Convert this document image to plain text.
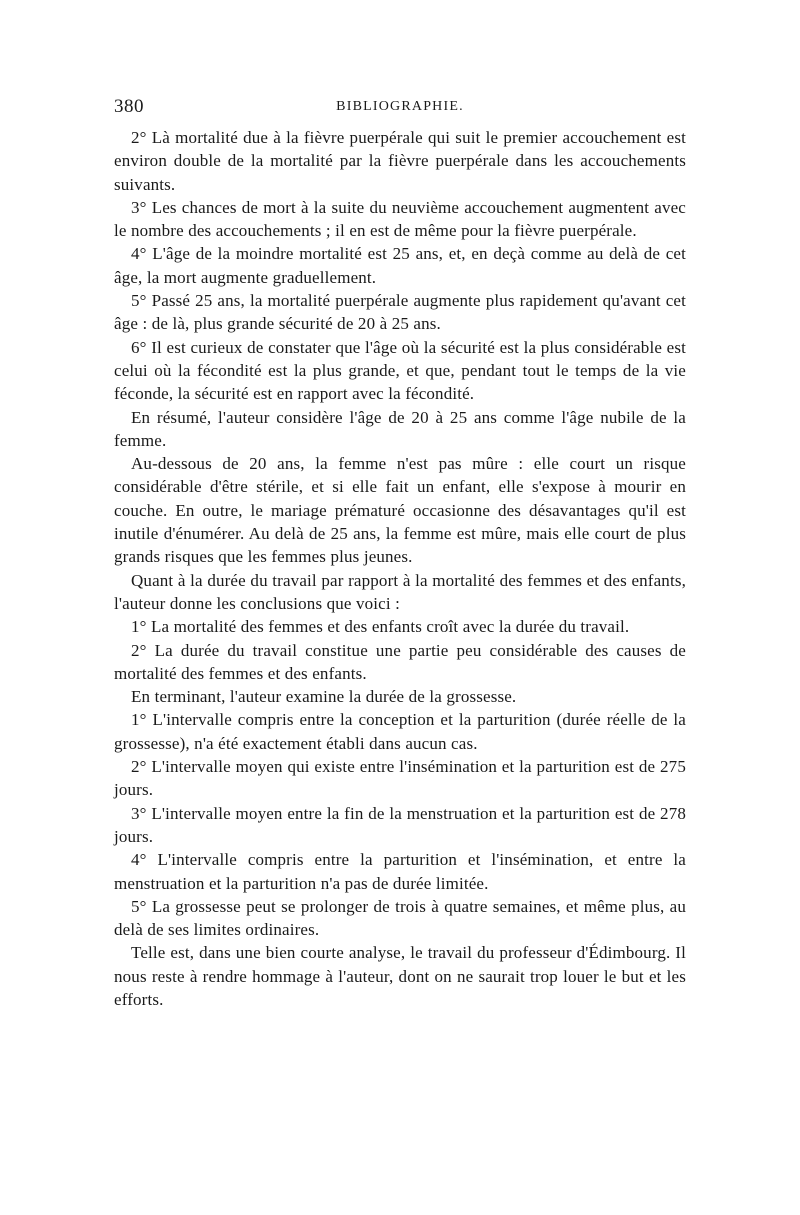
380	BIBLIOGRAPHIE.

2° Là mortalité due à la fièvre puerpérale qui suit le premier accouchement est environ double de la mortalité par la fièvre puerpérale dans les accouchements suivants.

3° Les chances de mort à la suite du neuvième accouchement augmentent avec le nombre des accouchements ; il en est de même pour la fièvre puerpérale.

4° L'âge de la moindre mortalité est 25 ans, et, en deçà comme au delà de cet âge, la mort augmente graduellement.

5° Passé 25 ans, la mortalité puerpérale augmente plus rapidement qu'avant cet âge : de là, plus grande sécurité de 20 à 25 ans.

6° Il est curieux de constater que l'âge où la sécurité est la plus considérable est celui où la fécondité est la plus grande, et que, pendant tout le temps de la vie féconde, la sécurité est en rapport avec la fécondité.

En résumé, l'auteur considère l'âge de 20 à 25 ans comme l'âge nubile de la femme.

Au-dessous de 20 ans, la femme n'est pas mûre : elle court un risque considérable d'être stérile, et si elle fait un enfant, elle s'expose à mourir en couche. En outre, le mariage prématuré occasionne des désavantages qu'il est inutile d'énumérer. Au delà de 25 ans, la femme est mûre, mais elle court de plus grands risques que les femmes plus jeunes.

Quant à la durée du travail par rapport à la mortalité des femmes et des enfants, l'auteur donne les conclusions que voici :

1° La mortalité des femmes et des enfants croît avec la durée du travail.

2° La durée du travail constitue une partie peu considérable des causes de mortalité des femmes et des enfants.

En terminant, l'auteur examine la durée de la grossesse.

1° L'intervalle compris entre la conception et la parturition (durée réelle de la grossesse), n'a été exactement établi dans aucun cas.

2° L'intervalle moyen qui existe entre l'insémination et la parturition est de 275 jours.

3° L'intervalle moyen entre la fin de la menstruation et la parturition est de 278 jours.

4° L'intervalle compris entre la parturition et l'insémination, et entre la menstruation et la parturition n'a pas de durée limitée.

5° La grossesse peut se prolonger de trois à quatre semaines, et même plus, au delà de ses limites ordinaires.

Telle est, dans une bien courte analyse, le travail du professeur d'Édimbourg. Il nous reste à rendre hommage à l'auteur, dont on ne saurait trop louer le but et les efforts.
